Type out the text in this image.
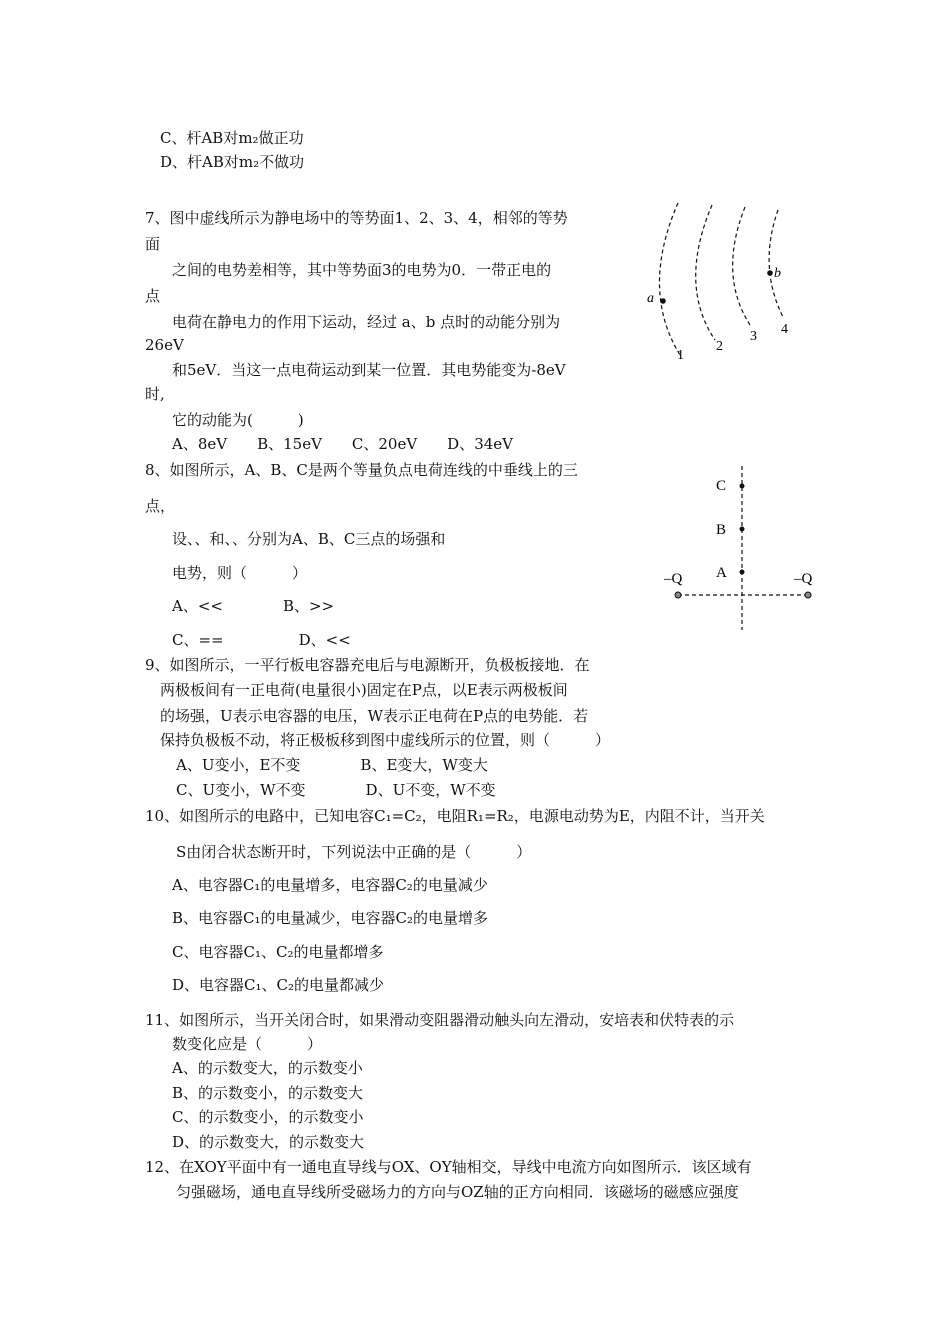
C、杆AB对m₂做正功
D、杆AB对m₂不做功
7、图中虚线所示为静电场中的等势面1、2、3、4，相邻的等势
面
之间的电势差相等，其中等势面3的电势为0．一带正电的
点
电荷在静电力的作用下运动，经过 a、b 点时的动能分别为
26eV
和5eV．当这一点电荷运动到某一位置．其电势能变为-8eV
时,
它的动能为(　　　)
A、8eV　　B、15eV　　C、20eV　　D、34eV
8、如图所示，A、B、C是两个等量负点电荷连线的中垂线上的三
点，
设、、和、、分别为A、B、C三点的场强和
电势，则（　　　）
A、<<　　　　B、>>
C、==　　　　　D、<<
9、如图所示，一平行板电容器充电后与电源断开，负极板接地．在
两极板间有一正电荷(电量很小)固定在P点，以E表示两极板间
的场强，U表示电容器的电压，W表示正电荷在P点的电势能．若
保持负极板不动，将正极板移到图中虚线所示的位置，则（　　　）
A、U变小，E不变　　　　B、E变大，W变大
C、U变小，W不变　　　　D、U不变，W不变
10、如图所示的电路中，已知电容C₁=C₂，电阻R₁=R₂，电源电动势为E，内阻不计，当开关
S由闭合状态断开时，下列说法中正确的是（　　　）
A、电容器C₁的电量增多，电容器C₂的电量减少
B、电容器C₁的电量减少，电容器C₂的电量增多
C、电容器C₁、C₂的电量都增多
D、电容器C₁、C₂的电量都减少
11、如图所示，当开关闭合时，如果滑动变阻器滑动触头向左滑动，安培表和伏特表的示
数变化应是（　　　）
A、的示数变大，的示数变小
B、的示数变小，的示数变大
C、的示数变小，的示数变小
D、的示数变大，的示数变大
12、在XOY平面中有一通电直导线与OX、OY轴相交，导线中电流方向如图所示．该区域有
匀强磁场，通电直导线所受磁场力的方向与OZ轴的正方向相同．该磁场的磁感应强度
a
b
1
2
3 4
C
B
A
–Q	–Q
